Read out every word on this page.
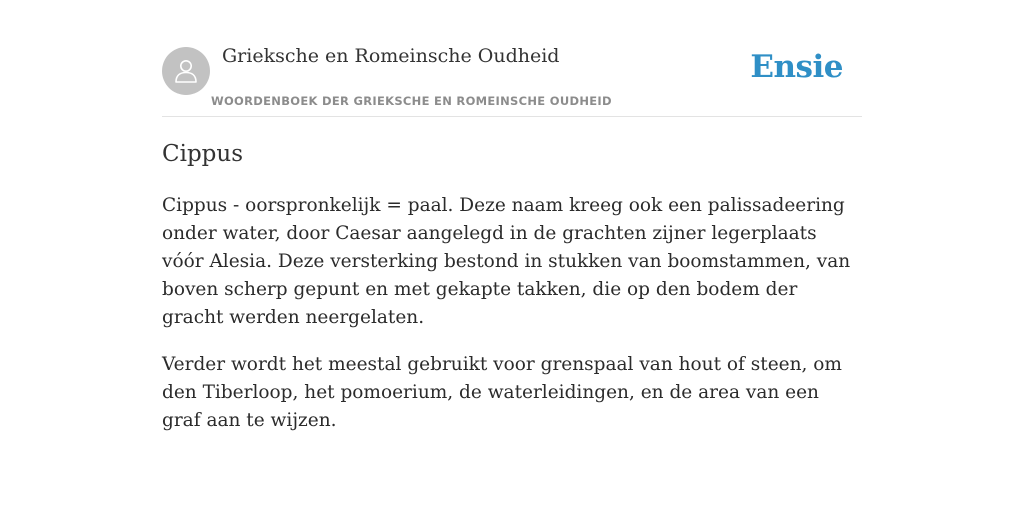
Grieksche en Romeinsche Oudheid
WOORDENBOEK DER GRIEKSCHE EN ROMEINSCHE OUDHEID
Ensie
Cippus

Cippus - oorspronkelijk = paal. Deze naam kreeg ook een palissadeering onder water, door Caesar aangelegd in de grachten zijner legerplaats vóór Alesia. Deze versterking bestond in stukken van boomstammen, van boven scherp gepunt en met gekapte takken, die op den bodem der gracht werden neergelaten.

Verder wordt het meestal gebruikt voor grenspaal van hout of steen, om den Tiberloop, het pomoerium, de waterleidingen, en de area van een graf aan te wijzen.
